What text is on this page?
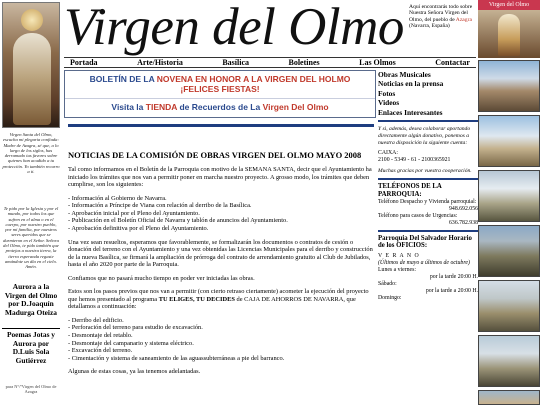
Virgen Santa del Olmo, escucha mi plegaria confiada: Madre de Azagra, sé que, a lo largo de los siglos, has derramado tus favores sobre quienes han acudido a tu protección. Yo también recurro a ti.
Te pido por la Iglesia y por el mundo, por todos los que sufren en el alma o en el cuerpo, por nuestro pueblo, por mi familia, por nuestros seres queridos que se durmieron en el Señor. Señora del Olmo, te pido también que protejas a nuestra tierra, la tierra esperanda regaste amándote un día en el cielo. Amén.
Aurora a la Virgen del Olmo por D.Joaquín Madurga Oteiza
Poemas Jotas y Aurora por D.Luis Sola Gutiérrez
para N°/ºVirgen del Olmo de Azagra
Virgen del Olmo Aquí encontrarás todo sobre Nuestra Señora Virgen del Olmo, del pueblo de Azagra (Navarra, España)
Virgen del Olmo
Portada	Arte/Historia	Basílica	Boletines	Las Olmos	Contactar
BOLETÍN DE LA NOVENA EN HONOR A LA VIRGEN DEL HOLMO
¡FELICES FIESTAS!
Visita la TIENDA de Recuerdos de La Virgen Del Olmo
NOTICIAS DE LA COMISIÓN DE OBRAS VIRGEN DEL OLMO MAYO 2008

Tal como informamos en el Boletín de la Parroquia con motivo de la SEMANA SANTA, decir que el Ayuntamiento ha iniciado los trámites que nos van a permitir poner en marcha nuestro proyecto. A grosso modo, los trámites que deben cumplirse, son los siguientes:

- Información al Gobierno de Navarra.
- Información a Príncipe de Viana con relación al derribo de la Basílica.
- Aprobación inicial por el Pleno del Ayuntamiento.
- Publicación en el Boletín Oficial de Navarra y tablón de anuncios del Ayuntamiento.
- Aprobación definitiva por el Pleno del Ayuntamiento.

Una vez sean resueltos, esperamos que favorablemente, se formalizarán los documentos o contratos de cesión o donación del terreno con el Ayuntamiento y una vez obtenidas las Licencias Municipales para el derribo y construcción de la nueva Basílica, se firmará la ampliación de prórroga del contrato de arrendamiento gratuito al Club de Jubilados, hasta el año 2020 por parte de la Parroquia.

Confiamos que no pasará mucho tiempo en poder ver iniciadas las obras.

Estos son los pasos previos que nos van a permitir (con cierto retraso ciertamente) acometer la ejecución del proyecto que hemos presentado al programa TU ELIGES, TU DECIDES de CAJA DE AHORROS DE NAVARRA, que detallamos a continuación:

- Derribo del edificio.
- Perforación del terreno para estudio de excavación.
- Desmontaje del retablo.
- Desmontaje del campanario y sistema eléctrico.
- Excavación del terreno.
- Cimentación y sistema de saneamiento de las aguassubterráneas a pie del barranco.

Algunas de estas cosas, ya las tenemos adelantadas.

Obras Musicales
Noticias en la prensa
Fotos
Videos
Enlaces Interesantes
Y si, además, desea colaborar aportando directamente algún donativo, ponemos a nuestra disposición la siguiente cuenta:
CAIXA:
2100 - 5349 - 61 - 2100365921
Muchas gracias por vuestra cooperación.
TELÉFONOS DE LA PARROQUIA:
Teléfono Despacho y Vivienda parroquial:
948.692.056
Teléfono para casos de Urgencias:
636.782.938
Parroquia Del Salvador Horario de los OFICIOS:
V E R A N O
(Últimos de mayo a últimos de octubre)
Lunes a viernes:
por la tarde 20:00 H.
Sábado:
por la tarde a 20:00 H.
Domingo:
